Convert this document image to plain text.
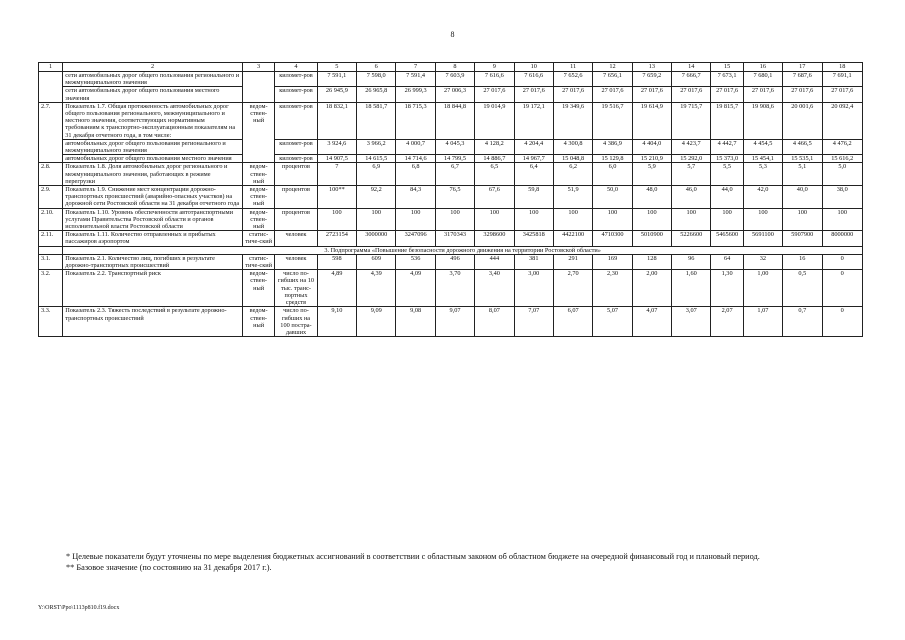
8
1	2	3	4	5	6	7	8	9	10	11	12	13	14	15	16	17	18
	сети автомобильных дорог общего пользования регионального и межмуниципального значения		километ-ров	7 591,1	7 598,0	7 591,4	7 603,9	7 616,6	7 616,6	7 652,6	7 656,1	7 659,2	7 666,7	7 673,1	7 680,1	7 687,6	7 691,1
	сети автомобильных дорог общего пользования местного значения		километ-ров	26 945,9	26 965,8	26 999,3	27 006,3	27 017,6	27 017,6	27 017,6	27 017,6	27 017,6	27 017,6	27 017,6	27 017,6	27 017,6	27 017,6
2.7.	Показатель 1.7. Общая протяженность автомобильных дорог общего пользования регионального, межмуниципального и местного значения, соответствующих нормативным требованиям к транспортно-эксплуатационным показателям на 31 декабря отчетного года, в том числе:	ведом-ствен-ный	километ-ров	18 832,1	18 581,7	18 715,3	18 844,8	19 014,9	19 172,1	19 349,6	19 516,7	19 614,9	19 715,7	19 815,7	19 908,6	20 001,6	20 092,4
	автомобильных дорог общего пользования регионального и межмуниципального значения		километ-ров	3 924,6	3 966,2	4 000,7	4 045,3	4 128,2	4 204,4	4 300,8	4 386,9	4 404,0	4 423,7	4 442,7	4 454,5	4 466,5	4 476,2
	автомобильных дорог общего пользования местного значения		километ-ров	14 907,5	14 615,5	14 714,6	14 799,5	14 886,7	14 967,7	15 048,8	15 129,8	15 210,9	15 292,0	15 373,0	15 454,1	15 535,1	15 616,2
2.8.	Показатель 1.8. Доля автомобильных дорог регионального и межмуниципального значения, работающих в режиме перегрузки	ведом-ствен-ный	процентов	7	6,9	6,8	6,7	6,5	6,4	6,2	6,0	5,9	5,7	5,5	5,3	5,1	5,0
2.9.	Показатель 1.9. Снижение мест концентрации дорожно-транспортных происшествий (аварийно-опасных участков) на дорожной сети Ростовской области на 31 декабря отчетного года	ведом-ствен-ный	процентов	100**	92,2	84,3	76,5	67,6	59,8	51,9	50,0	48,0	46,0	44,0	42,0	40,0	38,0
2.10.	Показатель 1.10. Уровень обеспеченности автотранспортными услугами Правительства Ростовской области и органов исполнительной власти Ростовской области	ведом-ствен-ный	процентов	100	100	100	100	100	100	100	100	100	100	100	100	100	100
2.11.	Показатель 1.11. Количество отправленных и прибытых пассажиров аэропортом	статис-тиче-ский	человек	2723154	3000000	3247096	3170343	3298600	3425818	4422100	4710300	5010900	5226600	5465600	5691100	5907900	8000000
	3. Подпрограмма «Повышение безопасности дорожного движения на территории Ростовской области»																
3.1.	Показатель 2.1. Количество лиц, погибших в результате дорожно-транспортных происшествий	статис-тиче-ский	человек	598	609	536	496	444	381	291	169	128	96	64	32	16	0
3.2.	Показатель 2.2. Транспортный риск	ведом-ствен-ный	число по-гибших на 10 тыс. транс-портных средств	4,89	4,39	4,09	3,70	3,40	3,00	2,70	2,30	2,00	1,60	1,30	1,00	0,5	0
3.3.	Показатель 2.3. Тяжесть последствий в результате дорожно-транспортных происшествий	ведом-ствен-ный	число по-гибших на 100 постра-давших	9,10	9,09	9,08	9,07	8,07	7,07	6,07	5,07	4,07	3,07	2,07	1,07	0,7	0

* Целевые показатели будут уточнены по мере выделения бюджетных ассигнований в соответствии с областным законом об областном бюджете на очередной финансовый год и плановый период.

** Базовое значение (по состоянию на 31 декабря 2017 г.).

Y:\ORST\Ppo\1113p810.f19.docx
